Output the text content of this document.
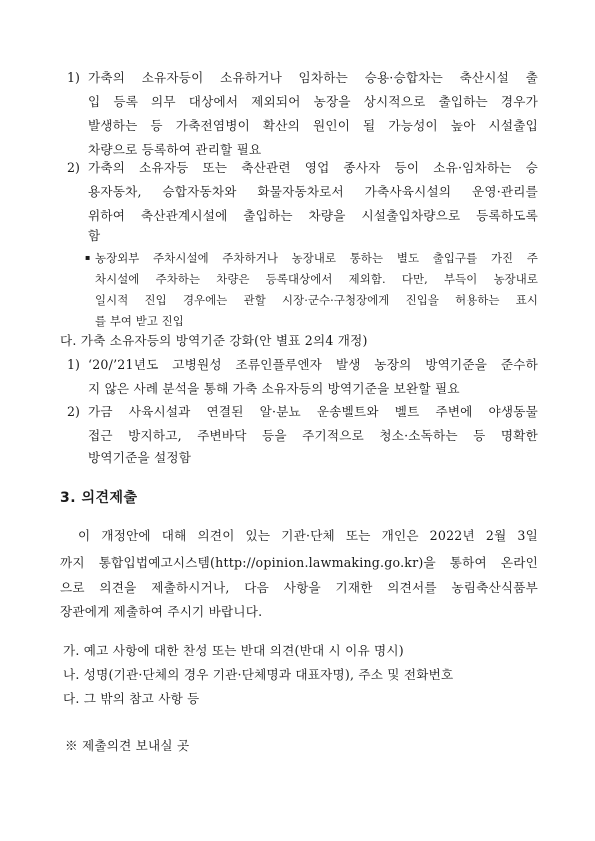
1) 가축의 소유자등이 소유하거나 임차하는 승용·승합차는 축산시설 출
입 등록 의무 대상에서 제외되어 농장을 상시적으로 출입하는 경우가
발생하는 등 가축전염병이 확산의 원인이 될 가능성이 높아 시설출입
차량으로 등록하여 관리할 필요
2) 가축의 소유자등 또는 축산관련 영업 종사자 등이 소유·임차하는 승
용자동차, 승합자동차와 화물자동차로서 가축사육시설의 운영·관리를
위하여 축산관계시설에 출입하는 차량을 시설출입차량으로 등록하도록
함
▪ 농장외부 주차시설에 주차하거나 농장내로 통하는 별도 출입구를 가진 주
차시설에 주차하는 차량은 등록대상에서 제외함. 다만, 부득이 농장내로
일시적 진입 경우에는 관할 시장·군수·구청장에게 진입을 허용하는 표시
를 부여 받고 진입
다. 가축 소유자등의 방역기준 강화(안 별표 2의4 개정)
1) ‘20/’21년도 고병원성 조류인플루엔자 발생 농장의 방역기준을 준수하
지 않은 사례 분석을 통해 가축 소유자등의 방역기준을 보완할 필요
2) 가금 사육시설과 연결된 알·분뇨 운송벨트와 벨트 주변에 야생동물
접근 방지하고, 주변바닥 등을 주기적으로 청소·소독하는 등 명확한
방역기준을 설정함
3. 의견제출
이 개정안에 대해 의견이 있는 기관·단체 또는 개인은 2022년 2월 3일
까지 통합입법예고시스템(http://opinion.lawmaking.go.kr)을 통하여 온라인
으로 의견을 제출하시거나, 다음 사항을 기재한 의견서를 농림축산식품부
장관에게 제출하여 주시기 바랍니다.
가. 예고 사항에 대한 찬성 또는 반대 의견(반대 시 이유 명시)
나. 성명(기관·단체의 경우 기관·단체명과 대표자명), 주소 및 전화번호
다. 그 밖의 참고 사항 등
※ 제출의견 보내실 곳
